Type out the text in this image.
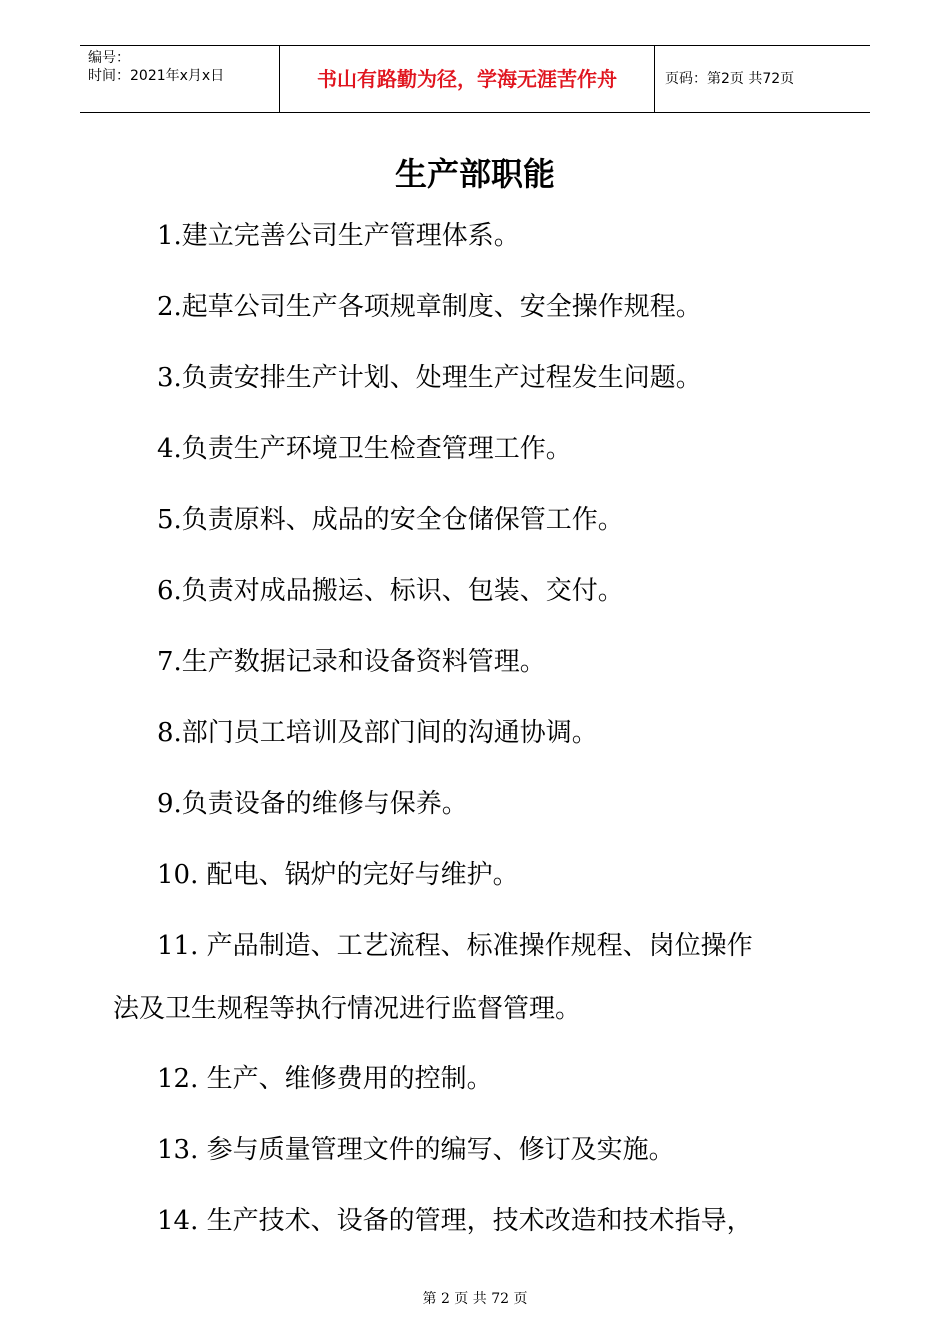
编号：
时间：2021年x月x日	书山有路勤为径，学海无涯苦作舟	页码：第2页 共72页
生产部职能
1.建立完善公司生产管理体系。
2.起草公司生产各项规章制度、安全操作规程。
3.负责安排生产计划、处理生产过程发生问题。
4.负责生产环境卫生检查管理工作。
5.负责原料、成品的安全仓储保管工作。
6.负责对成品搬运、标识、包装、交付。
7.生产数据记录和设备资料管理。
8.部门员工培训及部门间的沟通协调。
9.负责设备的维修与保养。
10. 配电、锅炉的完好与维护。
11. 产品制造、工艺流程、标准操作规程、岗位操作
法及卫生规程等执行情况进行监督管理。
12. 生产、维修费用的控制。
13. 参与质量管理文件的编写、修订及实施。
14. 生产技术、设备的管理，技术改造和技术指导，
第 2 页 共 72 页
